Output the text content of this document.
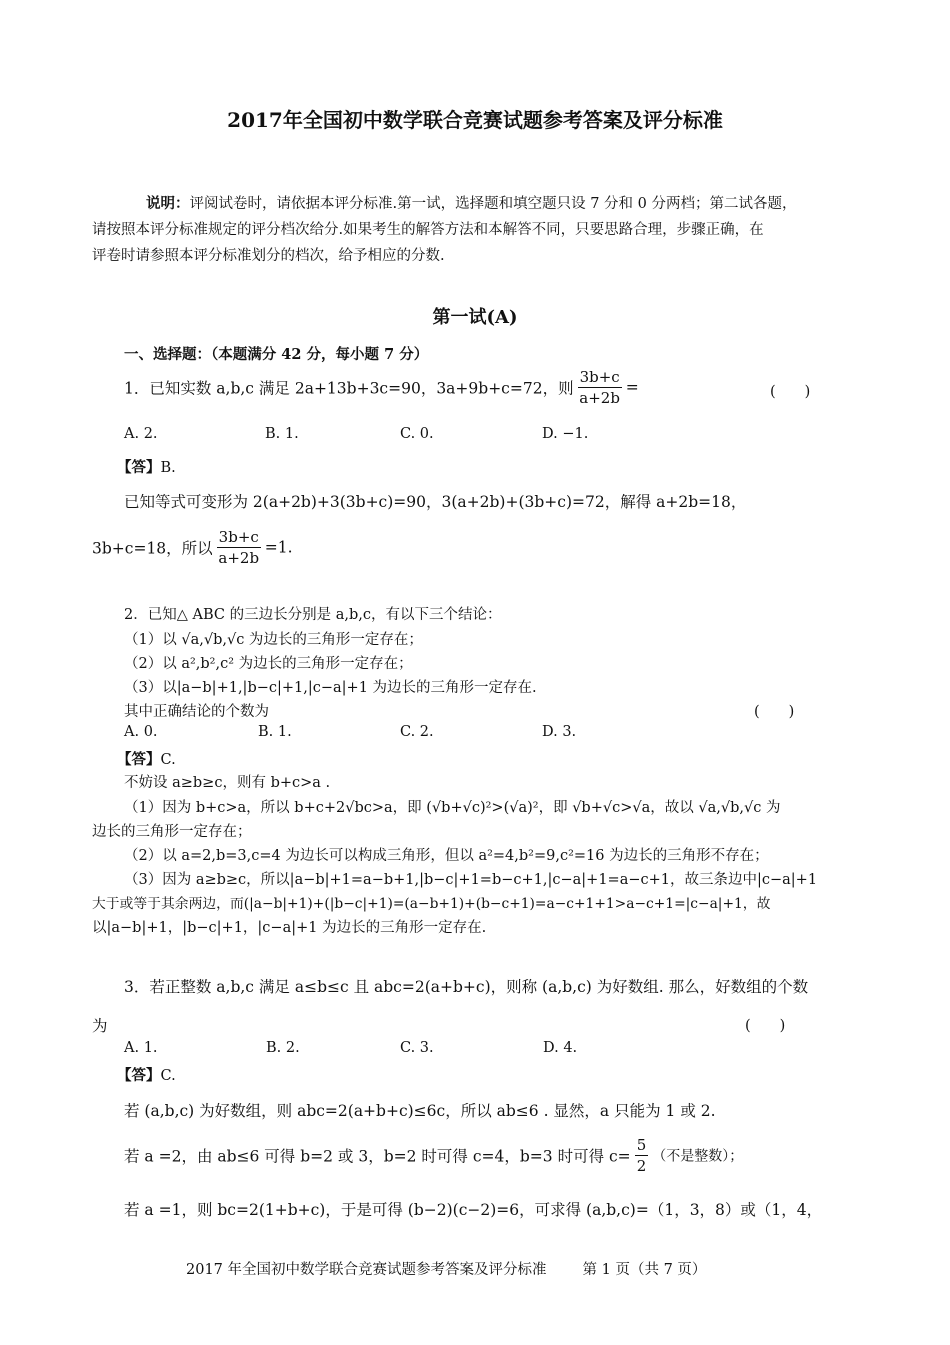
2017年全国初中数学联合竞赛试题参考答案及评分标准
说明：评阅试卷时，请依据本评分标准.第一试，选择题和填空题只设 7 分和 0 分两档；第二试各题，
请按照本评分标准规定的评分档次给分.如果考生的解答方法和本解答不同，只要思路合理，步骤正确，在
评卷时请参照本评分标准划分的档次，给予相应的分数.
第一试(A)
一、选择题：（本题满分 42 分，每小题 7 分）
1．已知实数 a,b,c 满足 2a+13b+3c=90，3a+9b+c=72，则 $\frac{3b+c}{a+2b}$ =	(　　)
A. 2.	B. 1.	C. 0.	D. −1.
【答】B.
已知等式可变形为 2(a+2b)+3(3b+c)=90，3(a+2b)+(3b+c)=72，解得 a+2b=18，
3b+c=18，所以 $\frac{3b+c}{a+2b} =1$.
2．已知△ ABC 的三边长分别是 a,b,c，有以下三个结论：
（1）以 √a,√b,√c 为边长的三角形一定存在；
（2）以 a²,b²,c² 为边长的三角形一定存在；
（3）以|a−b|+1,|b−c|+1,|c−a|+1 为边长的三角形一定存在.
其中正确结论的个数为	(　　)
A. 0.	B. 1.	C. 2.	D. 3.
【答】C.
不妨设 a≥b≥c，则有 b+c>a .
（1）因为 b+c>a，所以 b+c+2√bc>a，即 (√b+√c)²>(√a)²，即 √b+√c>√a，故以 √a,√b,√c 为
边长的三角形一定存在；
（2）以 a=2,b=3,c=4 为边长可以构成三角形，但以 a²=4,b²=9,c²=16 为边长的三角形不存在；
（3）因为 a≥b≥c，所以|a−b|+1=a−b+1,|b−c|+1=b−c+1,|c−a|+1=a−c+1，故三条边中|c−a|+1
大于或等于其余两边，而(|a−b|+1)+(|b−c|+1)=(a−b+1)+(b−c+1)=a−c+1+1>a−c+1=|c−a|+1，故
以|a−b|+1，|b−c|+1，|c−a|+1 为边长的三角形一定存在.
3．若正整数 a,b,c 满足 a≤b≤c 且 abc=2(a+b+c)，则称 (a,b,c) 为好数组. 那么，好数组的个数
为	(　　)
A. 1.	B. 2.	C. 3.	D. 4.
【答】C.
若 (a,b,c) 为好数组，则 abc=2(a+b+c)≤6c，所以 ab≤6 . 显然，a 只能为 1 或 2.
若 a =2，由 ab≤6 可得 b=2 或 3，b=2 时可得 c=4，b=3 时可得 $c= \frac{5}{2}$ （不是整数）；
若 a =1，则 bc=2(1+b+c)，于是可得 (b−2)(c−2)=6，可求得 (a,b,c)=（1，3，8）或（1，4，
2017 年全国初中数学联合竞赛试题参考答案及评分标准 第 1 页（共 7 页）
